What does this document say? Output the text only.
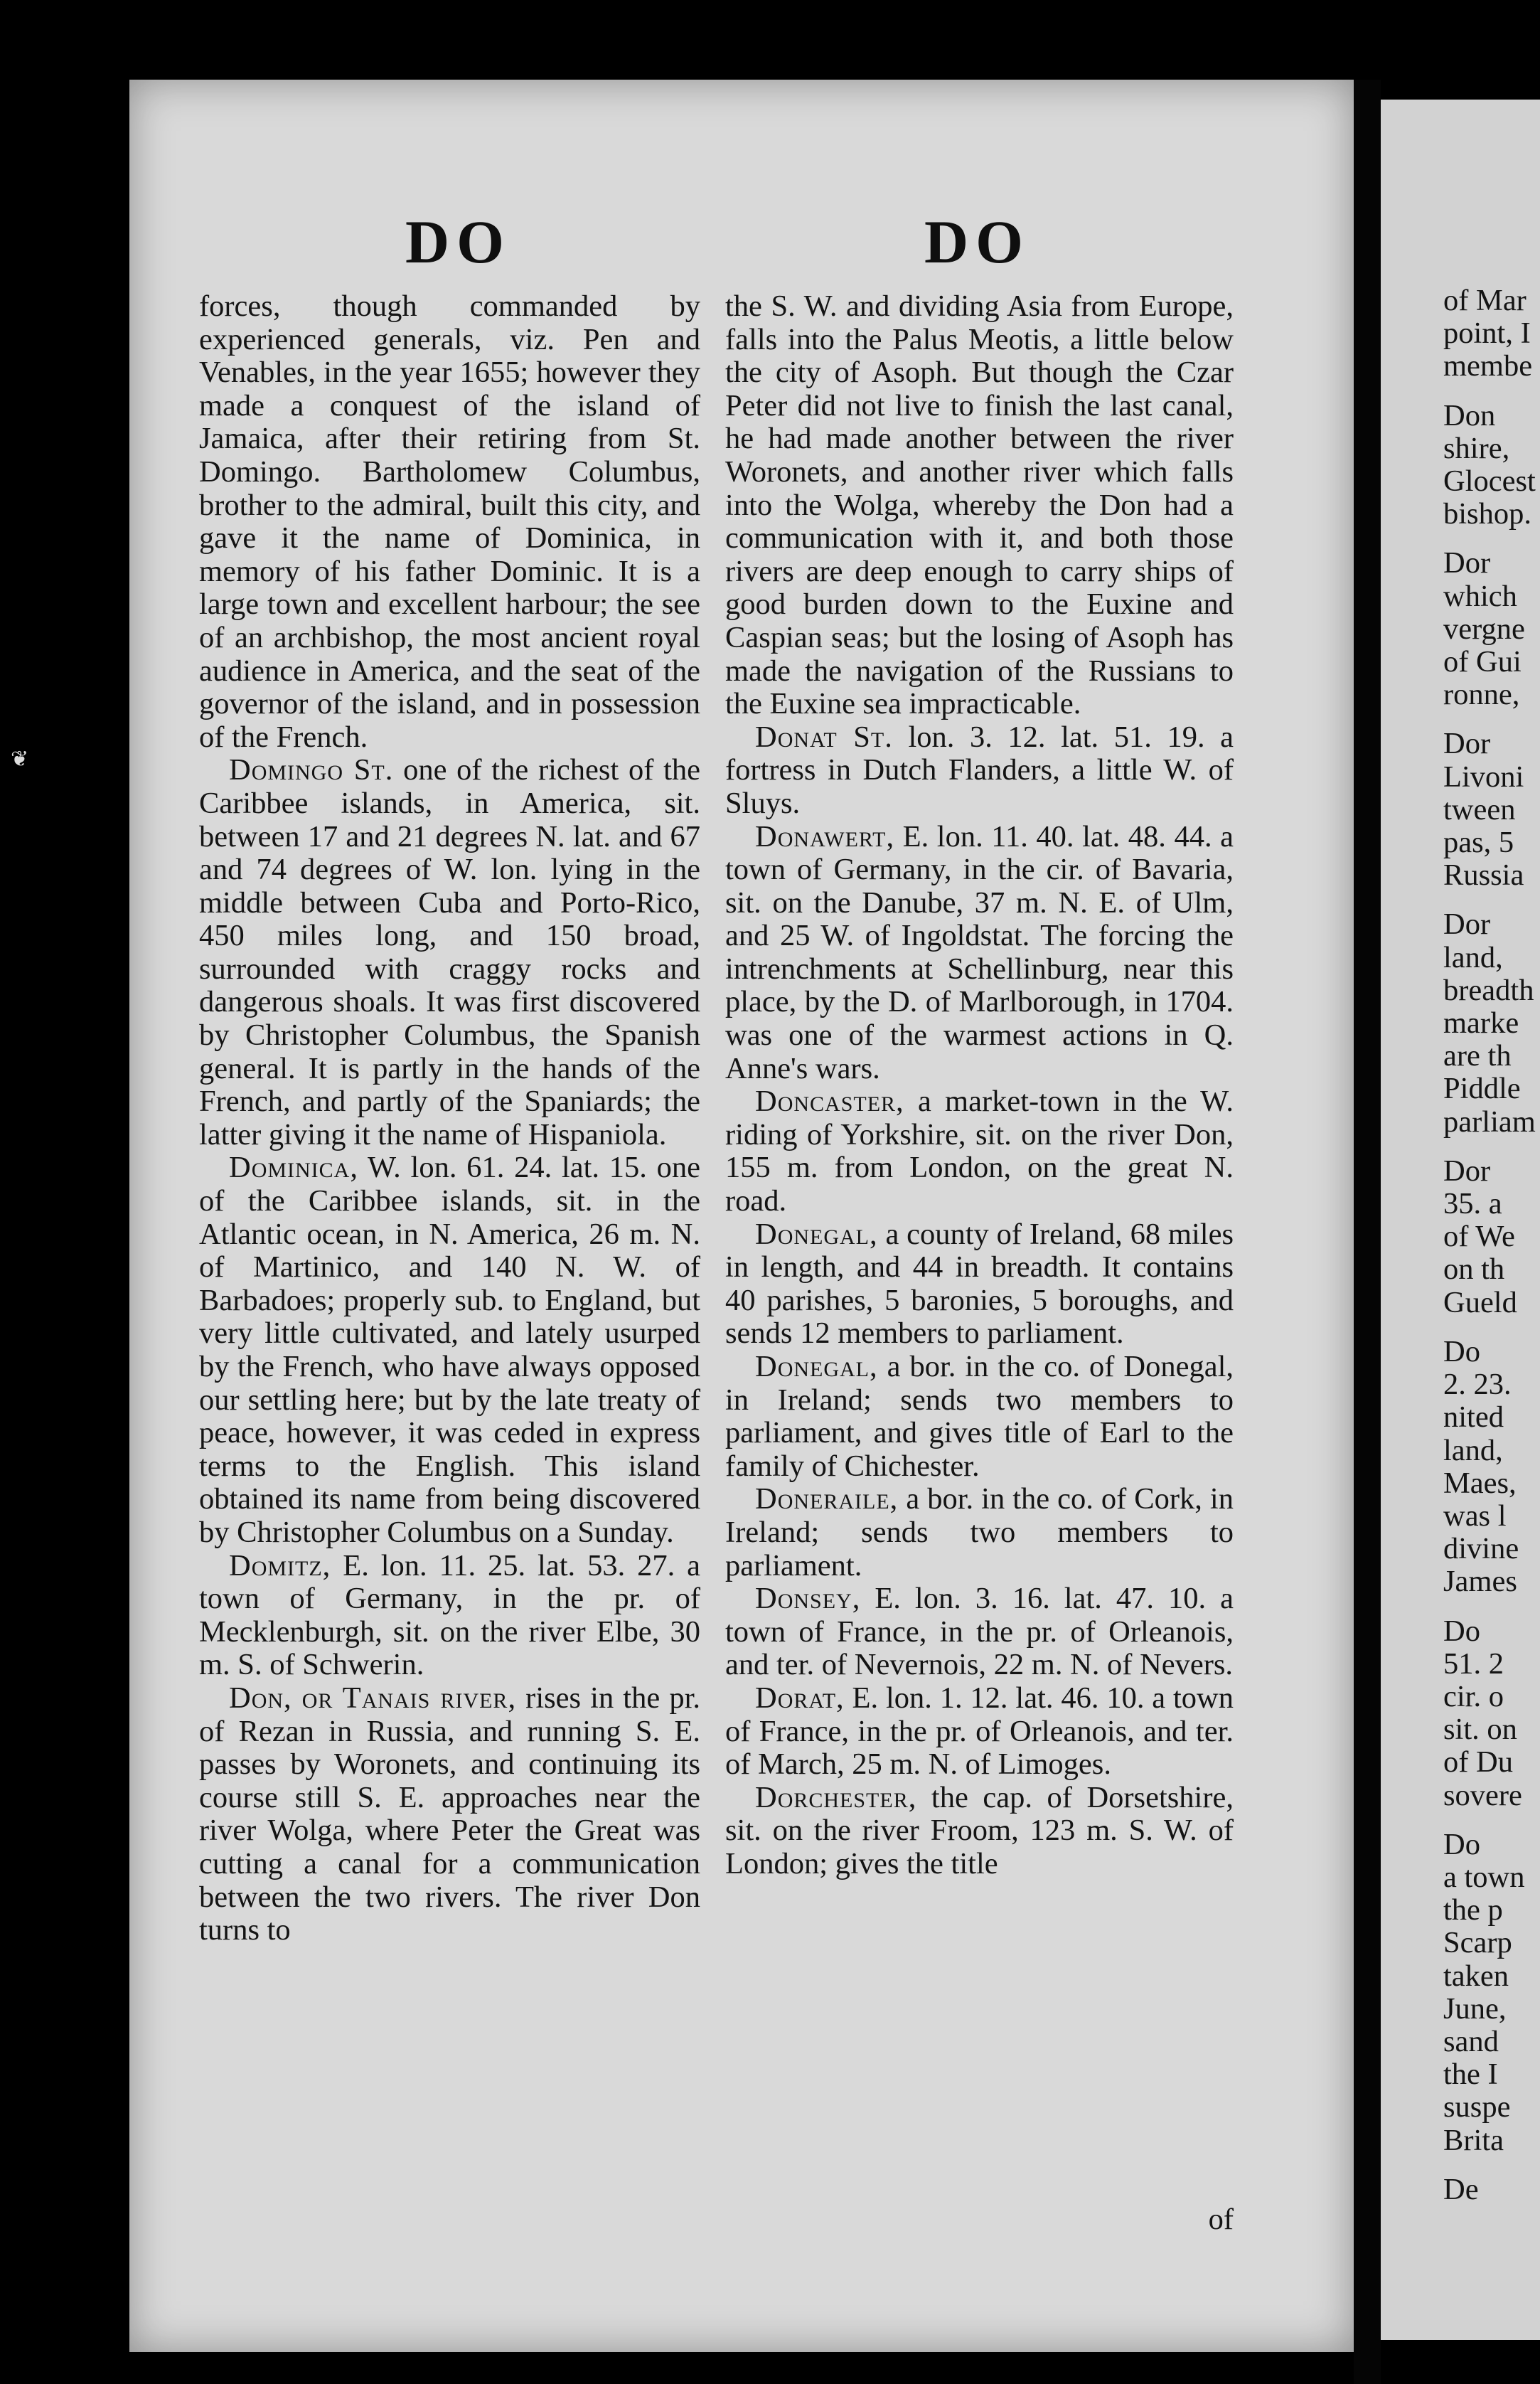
DO	DO

forces, though commanded by experienced generals, viz. Pen and Venables, in the year 1655; however they made a conquest of the island of Jamaica, after their retiring from St. Domingo. Bartholomew Columbus, brother to the admiral, built this city, and gave it the name of Dominica, in memory of his father Dominic. It is a large town and excellent harbour; the see of an archbishop, the most ancient royal audience in America, and the seat of the governor of the island, and in possession of the French.

Domingo St. one of the richest of the Caribbee islands, in America, sit. between 17 and 21 degrees N. lat. and 67 and 74 degrees of W. lon. lying in the middle between Cuba and Porto-Rico, 450 miles long, and 150 broad, surrounded with craggy rocks and dangerous shoals. It was first discovered by Christopher Columbus, the Spanish general. It is partly in the hands of the French, and partly of the Spaniards; the latter giving it the name of Hispaniola.

Dominica, W. lon. 61. 24. lat. 15. one of the Caribbee islands, sit. in the Atlantic ocean, in N. America, 26 m. N. of Martinico, and 140 N. W. of Barbadoes; properly sub. to England, but very little cultivated, and lately usurped by the French, who have always opposed our settling here; but by the late treaty of peace, however, it was ceded in express terms to the English. This island obtained its name from being discovered by Christopher Columbus on a Sunday.

Domitz, E. lon. 11. 25. lat. 53. 27. a town of Germany, in the pr. of Mecklenburgh, sit. on the river Elbe, 30 m. S. of Schwerin.

Don, or Tanais river, rises in the pr. of Rezan in Russia, and running S. E. passes by Woronets, and continuing its course still S. E. approaches near the river Wolga, where Peter the Great was cutting a canal for a communication between the two rivers. The river Don turns to

the S. W. and dividing Asia from Europe, falls into the Palus Meotis, a little below the city of Asoph. But though the Czar Peter did not live to finish the last canal, he had made another between the river Woronets, and another river which falls into the Wolga, whereby the Don had a communication with it, and both those rivers are deep enough to carry ships of good burden down to the Euxine and Caspian seas; but the losing of Asoph has made the navigation of the Russians to the Euxine sea impracticable.

Donat St. lon. 3. 12. lat. 51. 19. a fortress in Dutch Flanders, a little W. of Sluys.

Donawert, E. lon. 11. 40. lat. 48. 44. a town of Germany, in the cir. of Bavaria, sit. on the Danube, 37 m. N. E. of Ulm, and 25 W. of Ingoldstat. The forcing the intrenchments at Schellinburg, near this place, by the D. of Marlborough, in 1704. was one of the warmest actions in Q. Anne's wars.

Doncaster, a market-town in the W. riding of Yorkshire, sit. on the river Don, 155 m. from London, on the great N. road.

Donegal, a county of Ireland, 68 miles in length, and 44 in breadth. It contains 40 parishes, 5 baronies, 5 boroughs, and sends 12 members to parliament.

Donegal, a bor. in the co. of Donegal, in Ireland; sends two members to parliament, and gives title of Earl to the family of Chichester.

Doneraile, a bor. in the co. of Cork, in Ireland; sends two members to parliament.

Donsey, E. lon. 3. 16. lat. 47. 10. a town of France, in the pr. of Orleanois, and ter. of Nevernois, 22 m. N. of Nevers.

Dorat, E. lon. 1. 12. lat. 46. 10. a town of France, in the pr. of Orleanois, and ter. of March, 25 m. N. of Limoges.

Dorchester, the cap. of Dorsetshire, sit. on the river Froom, 123 m. S. W. of London; gives the title

of
of Mar
point, I
membe
Don
shire,
Glocest
bishop.
Dor
which
vergne
of Gui
ronne,
Dor
Livoni
tween
pas, 5
Russia
Dor
land,
breadth
marke
are th
Piddle
parliam
Dor
35. a
of We
on th
Gueld
Do
2. 23.
nited
land,
Maes,
was l
divine
James
Do
51. 2
cir. o
sit. on
of Du
sovere
Do
a town
the p
Scarp
taken
June,
sand
the I
suspe
Brita
De
❦
